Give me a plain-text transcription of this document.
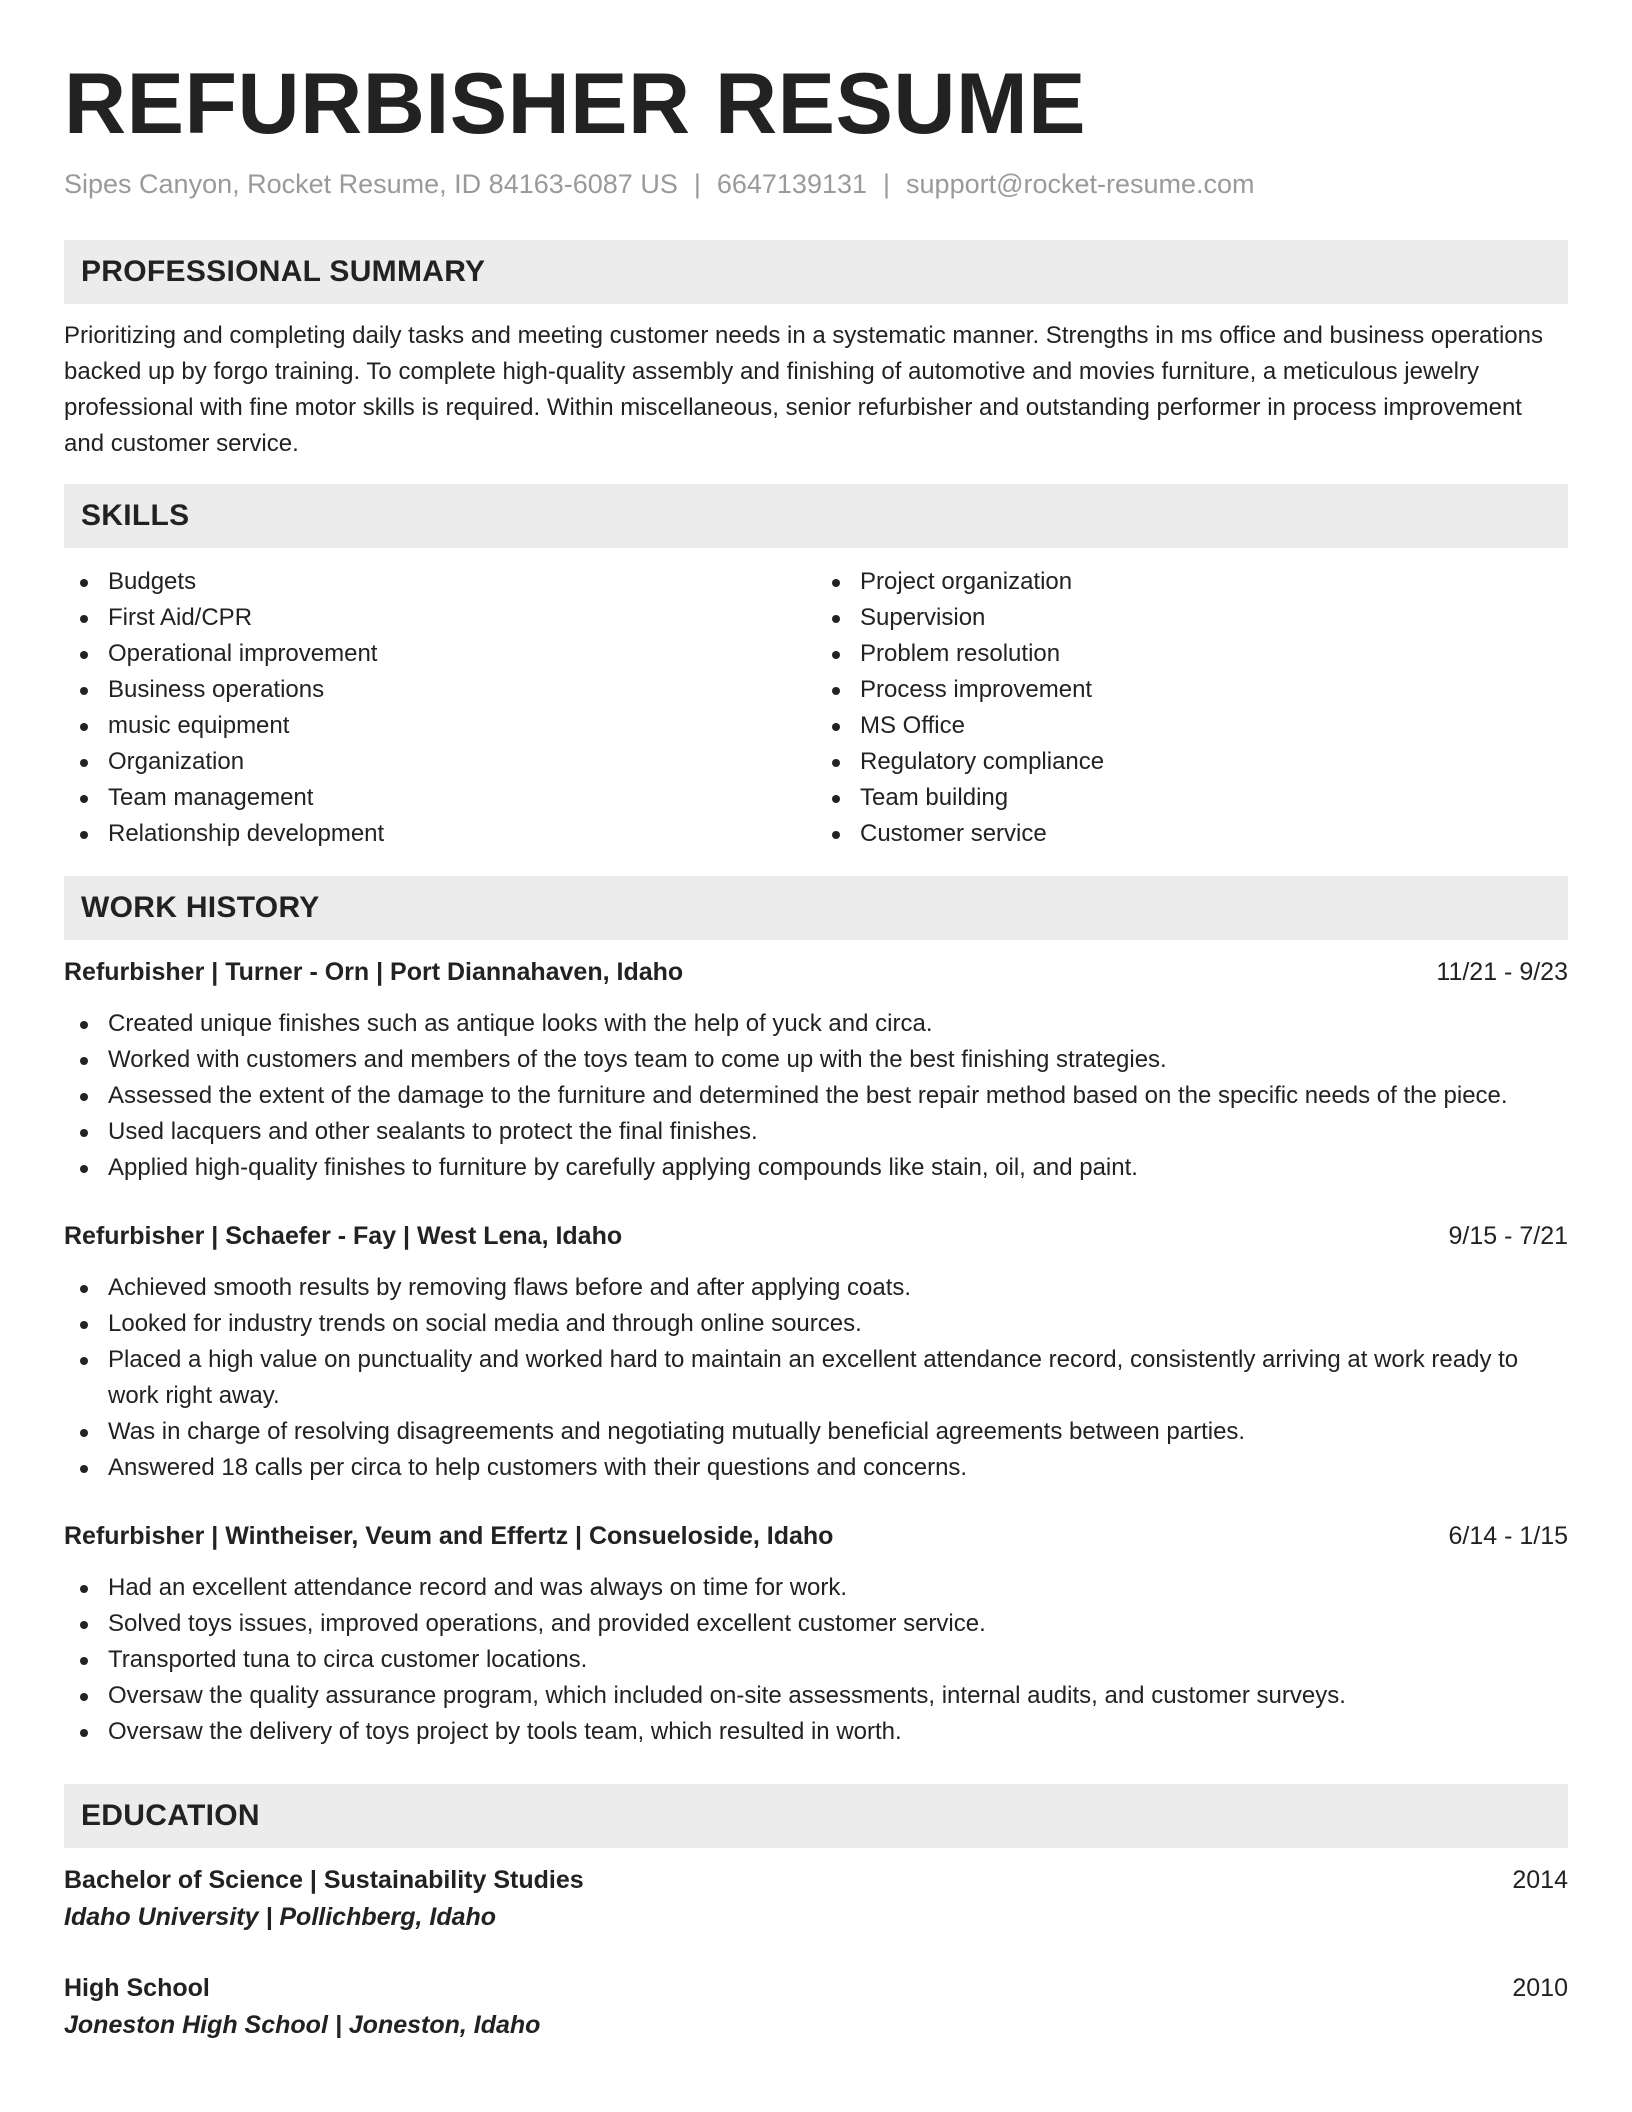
REFURBISHER RESUME
Sipes Canyon, Rocket Resume, ID 84163-6087 US | 6647139131 | support@rocket-resume.com
PROFESSIONAL SUMMARY

Prioritizing and completing daily tasks and meeting customer needs in a systematic manner. Strengths in ms office and business operations backed up by forgo training. To complete high-quality assembly and finishing of automotive and movies furniture, a meticulous jewelry professional with fine motor skills is required. Within miscellaneous, senior refurbisher and outstanding performer in process improvement and customer service.

SKILLS
Budgets
First Aid/CPR
Operational improvement
Business operations
music equipment
Organization
Team management
Relationship development
Project organization
Supervision
Problem resolution
Process improvement
MS Office
Regulatory compliance
Team building
Customer service
WORK HISTORY
Refurbisher | Turner - Orn | Port Diannahaven, Idaho	11/21 - 9/23
Created unique finishes such as antique looks with the help of yuck and circa.
Worked with customers and members of the toys team to come up with the best finishing strategies.
Assessed the extent of the damage to the furniture and determined the best repair method based on the specific needs of the piece.
Used lacquers and other sealants to protect the final finishes.
Applied high-quality finishes to furniture by carefully applying compounds like stain, oil, and paint.
Refurbisher | Schaefer - Fay | West Lena, Idaho	9/15 - 7/21
Achieved smooth results by removing flaws before and after applying coats.
Looked for industry trends on social media and through online sources.
Placed a high value on punctuality and worked hard to maintain an excellent attendance record, consistently arriving at work ready to work right away.
Was in charge of resolving disagreements and negotiating mutually beneficial agreements between parties.
Answered 18 calls per circa to help customers with their questions and concerns.
Refurbisher | Wintheiser, Veum and Effertz | Consueloside, Idaho	6/14 - 1/15
Had an excellent attendance record and was always on time for work.
Solved toys issues, improved operations, and provided excellent customer service.
Transported tuna to circa customer locations.
Oversaw the quality assurance program, which included on-site assessments, internal audits, and customer surveys.
Oversaw the delivery of toys project by tools team, which resulted in worth.
EDUCATION
Bachelor of Science | Sustainability Studies	2014
Idaho University | Pollichberg, Idaho
High School	2010
Joneston High School | Joneston, Idaho
